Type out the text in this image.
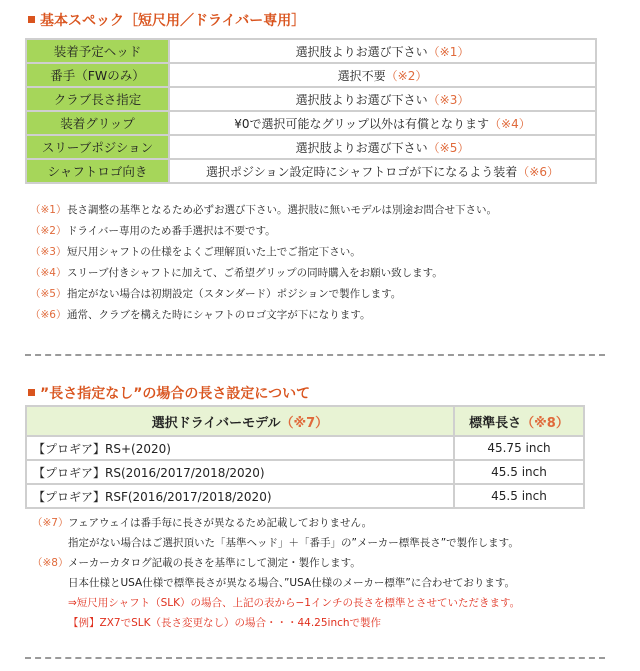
基本スペック［短尺用／ドライバー専用］
装着予定ヘッド	選択肢よりお選び下さい（※1）
番手（FWのみ）	選択不要（※2）
クラブ長さ指定	選択肢よりお選び下さい（※3）
装着グリップ	¥0で選択可能なグリップ以外は有償となります（※4）
スリーブポジション	選択肢よりお選び下さい（※5）
シャフトロゴ向き	選択ポジション設定時にシャフトロゴが下になるよう装着（※6）
（※1）長さ調整の基準となるため必ずお選び下さい。選択肢に無いモデルは別途お問合せ下さい。
（※2）ドライバー専用のため番手選択は不要です。
（※3）短尺用シャフトの仕様をよくご理解頂いた上でご指定下さい。
（※4）スリーブ付きシャフトに加えて、ご希望グリップの同時購入をお願い致します。
（※5）指定がない場合は初期設定（スタンダード）ポジションで製作します。
（※6）通常、クラブを構えた時にシャフトのロゴ文字が下になります。
”長さ指定なし”の場合の長さ設定について
選択ドライバーモデル（※7）	標準長さ（※8）
【プロギア】RS+(2020)	45.75 inch
【プロギア】RS(2016/2017/2018/2020)	45.5 inch
【プロギア】RSF(2016/2017/2018/2020)	45.5 inch
（※7）フェアウェイは番手毎に長さが異なるため記載しておりません。
指定がない場合はご選択頂いた「基準ヘッド」＋「番手」の”メーカー標準長さ”で製作します。
（※8）メーカーカタログ記載の長さを基準にして測定・製作します。
日本仕様とUSA仕様で標準長さが異なる場合、”USA仕様のメーカー標準”に合わせております。
⇒短尺用シャフト（SLK）の場合、上記の表から−1インチの長さを標準とさせていただきます。
【例】ZX7でSLK（長さ変更なし）の場合・・・44.25inchで製作
